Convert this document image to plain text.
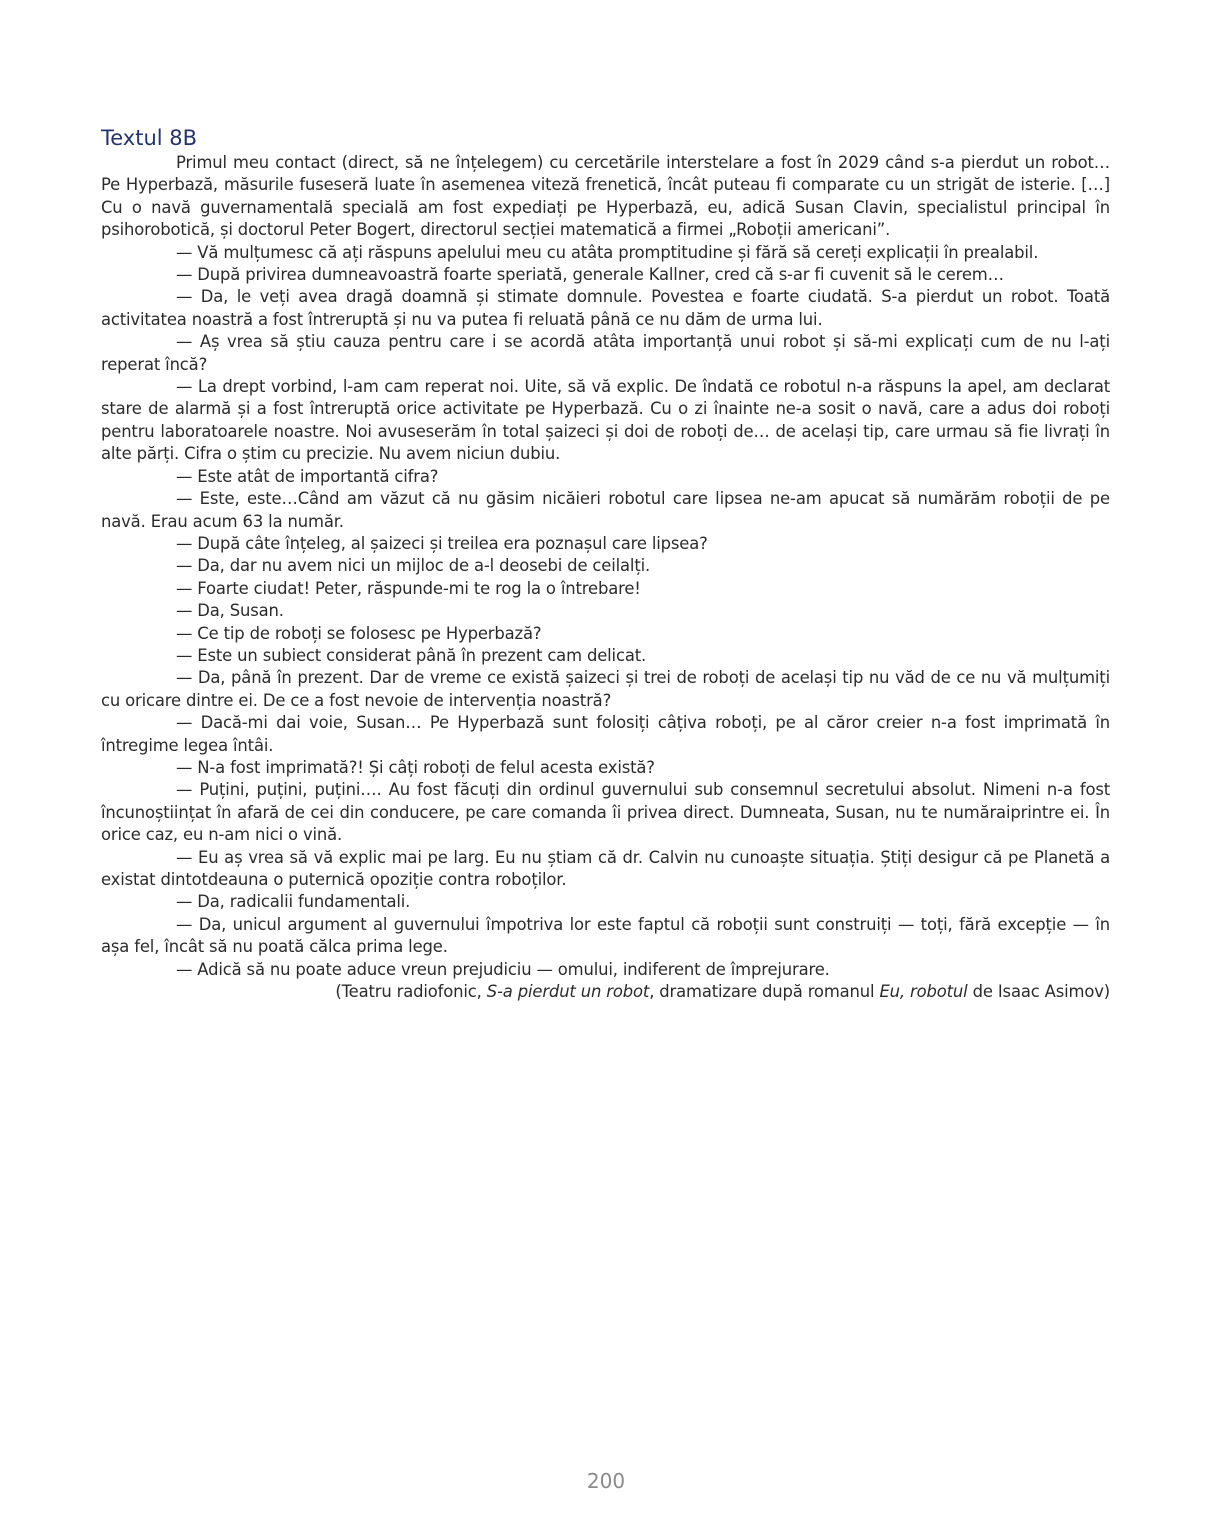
Textul 8B

Primul meu contact (direct, să ne înțelegem) cu cercetările interstelare a fost în 2029 când s-a pierdut un robot… Pe Hyperbază, măsurile fuseseră luate în asemenea viteză frenetică, încât puteau fi comparate cu un strigăt de isterie. […] Cu o navă guvernamentală specială am fost expediați pe Hyperbază, eu, adică Susan Clavin, specialistul principal în psihorobotică, și doctorul Peter Bogert, directorul secției matematică a firmei „Roboții americani”.

— Vă mulțumesc că ați răspuns apelului meu cu atâta promptitudine și fără să cereți explicații în prealabil.

— După privirea dumneavoastră foarte speriată, generale Kallner, cred că s-ar fi cuvenit să le cerem…

— Da, le veți avea dragă doamnă și stimate domnule. Povestea e foarte ciudată. S-a pierdut un robot. Toată activitatea noastră a fost întreruptă și nu va putea fi reluată până ce nu dăm de urma lui.

— Aș vrea să știu cauza pentru care i se acordă atâta importanță unui robot și să-mi explicați cum de nu l-ați reperat încă?

— La drept vorbind, l-am cam reperat noi. Uite, să vă explic. De îndată ce robotul n-a răspuns la apel, am declarat stare de alarmă și a fost întreruptă orice activitate pe Hyperbază. Cu o zi înainte ne-a sosit o navă, care a adus doi roboți pentru laboratoarele noastre. Noi avuseserăm în total șaizeci și doi de roboți de… de același tip, care urmau să fie livrați în alte părți. Cifra o știm cu precizie. Nu avem niciun dubiu.

— Este atât de importantă cifra?

— Este, este…Când am văzut că nu găsim nicăieri robotul care lipsea ne-am apucat să numărăm roboții de pe navă. Erau acum 63 la număr.

— După câte înțeleg, al șaizeci și treilea era poznașul care lipsea?

— Da, dar nu avem nici un mijloc de a-l deosebi de ceilalți.

— Foarte ciudat! Peter, răspunde-mi te rog la o întrebare!

— Da, Susan.

— Ce tip de roboți se folosesc pe Hyperbază?

— Este un subiect considerat până în prezent cam delicat.

— Da, până în prezent. Dar de vreme ce există șaizeci și trei de roboți de același tip nu văd de ce nu vă mulțumiți cu oricare dintre ei. De ce a fost nevoie de intervenția noastră?

— Dacă-mi dai voie, Susan… Pe Hyperbază sunt folosiți câțiva roboți, pe al căror creier n-a fost imprimată în întregime legea întâi.

— N-a fost imprimată?! Și câți roboți de felul acesta există?

— Puțini, puțini, puțini…. Au fost făcuți din ordinul guvernului sub consemnul secretului absolut. Nimeni n-a fost încunoștiințat în afară de cei din conducere, pe care comanda îi privea direct. Dumneata, Susan, nu te număraiprintre ei. În orice caz, eu n-am nici o vină.

— Eu aș vrea să vă explic mai pe larg. Eu nu știam că dr. Calvin nu cunoaște situația. Știți desigur că pe Planetă a existat dintotdeauna o puternică opoziție contra roboților.

— Da, radicalii fundamentali.

— Da, unicul argument al guvernului împotriva lor este faptul că roboții sunt construiți — toți, fără excepție — în așa fel, încât să nu poată călca prima lege.

— Adică să nu poate aduce vreun prejudiciu — omului, indiferent de împrejurare.

(Teatru radiofonic, S-a pierdut un robot, dramatizare după romanul Eu, robotul de Isaac Asimov)

200
